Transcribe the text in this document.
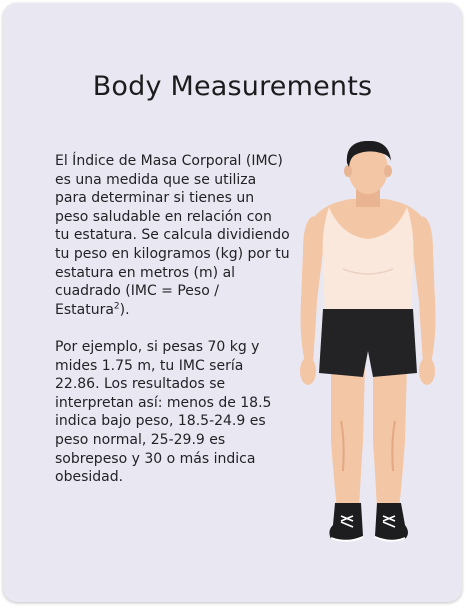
Body Measurements

El Índice de Masa Corporal (IMC) es una medida que se utiliza para determinar si tienes un peso saludable en relación con tu estatura. Se calcula dividiendo tu peso en kilogramos (kg) por tu estatura en metros (m) al cuadrado (IMC = Peso / Estatura$^2$).

Por ejemplo, si pesas 70 kg y mides 1.75 m, tu IMC sería 22.86. Los resultados se interpretan así: menos de 18.5 indica bajo peso, 18.5-24.9 es peso normal, 25-29.9 es sobrepeso y 30 o más indica obesidad.
